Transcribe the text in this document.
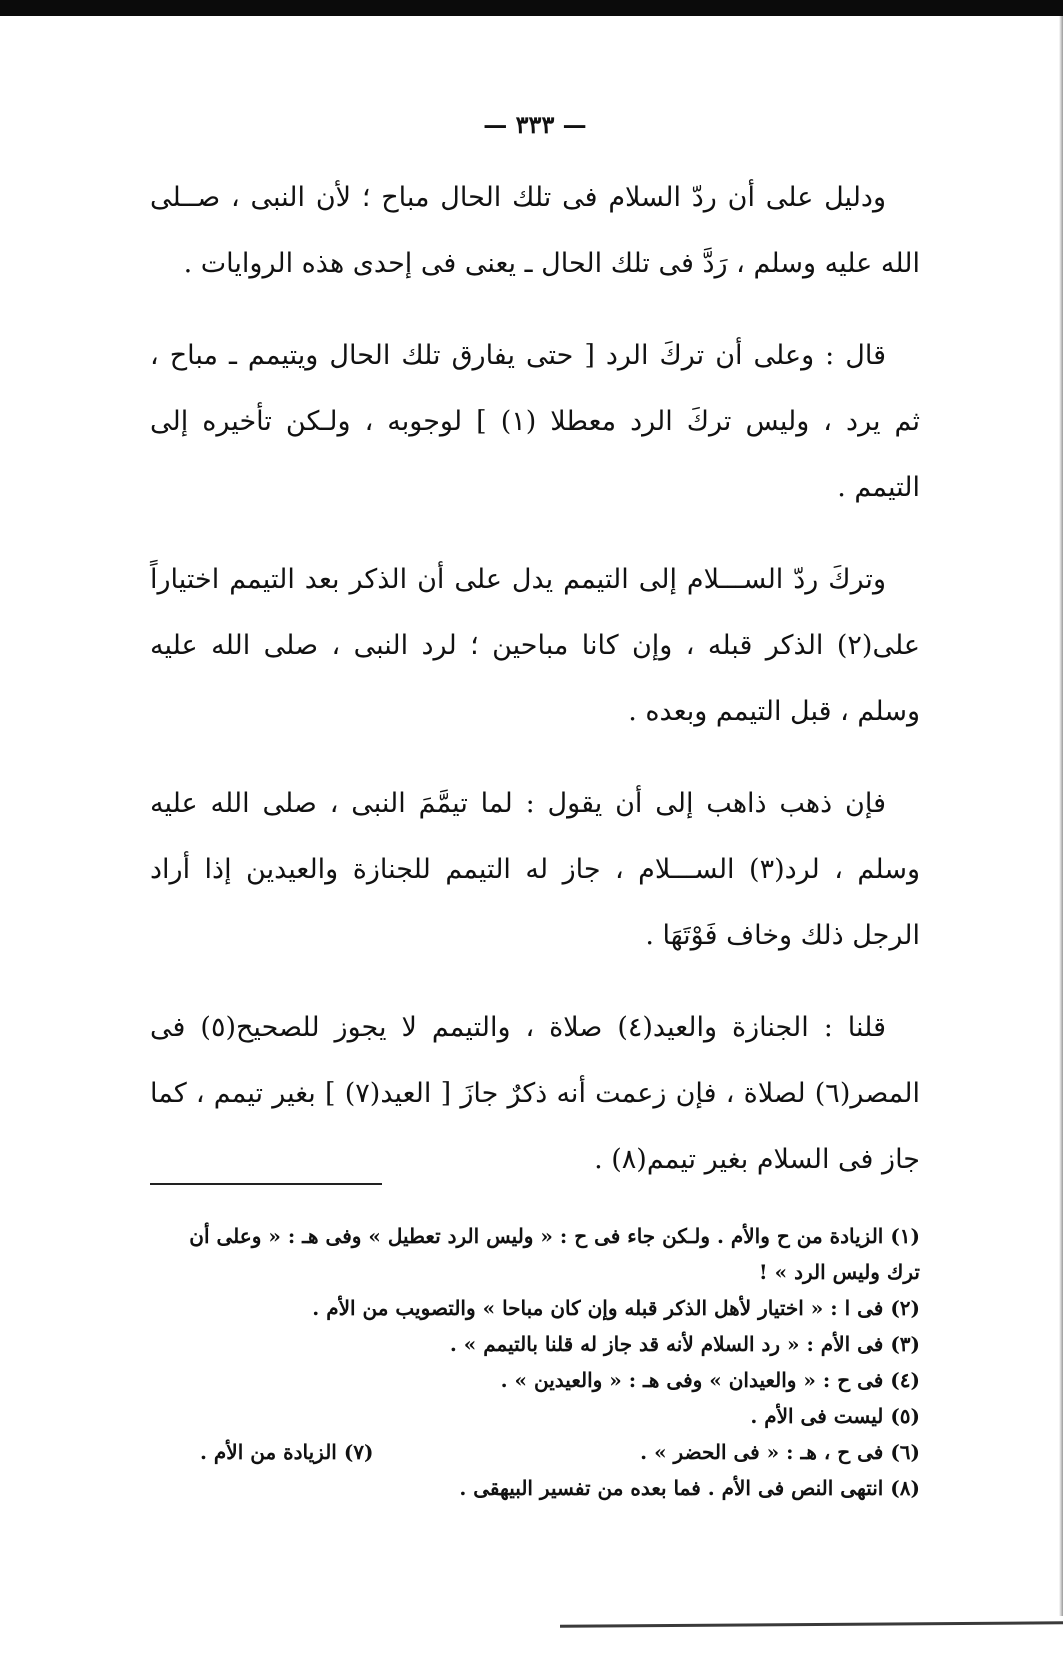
— ٣٣٣ —

ودليل على أن ردّ السلام فى تلك الحال مباح ؛ لأن النبى ، صــلى الله عليه وسلم ، رَدَّ فى تلك الحال ـ يعنى فى إحدى هذه الروايات .

قال : وعلى أن تركَ الرد [ حتى يفارق تلك الحال ويتيمم ـ مباح ، ثم يرد ، وليس تركَ الرد معطلا (١) ] لوجوبه ، ولـكن تأخيره إلى التيمم .

وتركَ ردّ الســـلام إلى التيمم يدل على أن الذكر بعد التيمم اختياراً على(٢) الذكر قبله ، وإن كانا مباحين ؛ لرد النبى ، صلى الله عليه وسلم ، قبل التيمم وبعده .

فإن ذهب ذاهب إلى أن يقول : لما تيمَّمَ النبى ، صلى الله عليه وسلم ، لرد(٣) الســـلام ، جاز له التيمم للجنازة والعيدين إذا أراد الرجل ذلك وخاف فَوْتَهَا .

قلنا : الجنازة والعيد(٤) صلاة ، والتيمم لا يجوز للصحيح(٥) فى المصر(٦) لصلاة ، فإن زعمت أنه ذكرٌ جازَ [ العيد(٧) ] بغير تيمم ، كما جاز فى السلام بغير تيمم(٨) .

(١) الزيادة من ح والأم . ولـكن جاء فى ح : « وليس الرد تعطيل » وفى هـ : « وعلى أن ترك وليس الرد » !
(٢) فى ا : « اختيار لأهل الذكر قبله وإن كان مباحا » والتصويب من الأم .
(٣) فى الأم : « رد السلام لأنه قد جاز له قلنا بالتيمم » .
(٤) فى ح : « والعيدان » وفى هـ : « والعيدين » .
(٥) ليست فى الأم .
(٦) فى ح ، هـ : « فى الحضر » .
(٧) الزيادة من الأم .
(٨) انتهى النص فى الأم . فما بعده من تفسير البيهقى .
